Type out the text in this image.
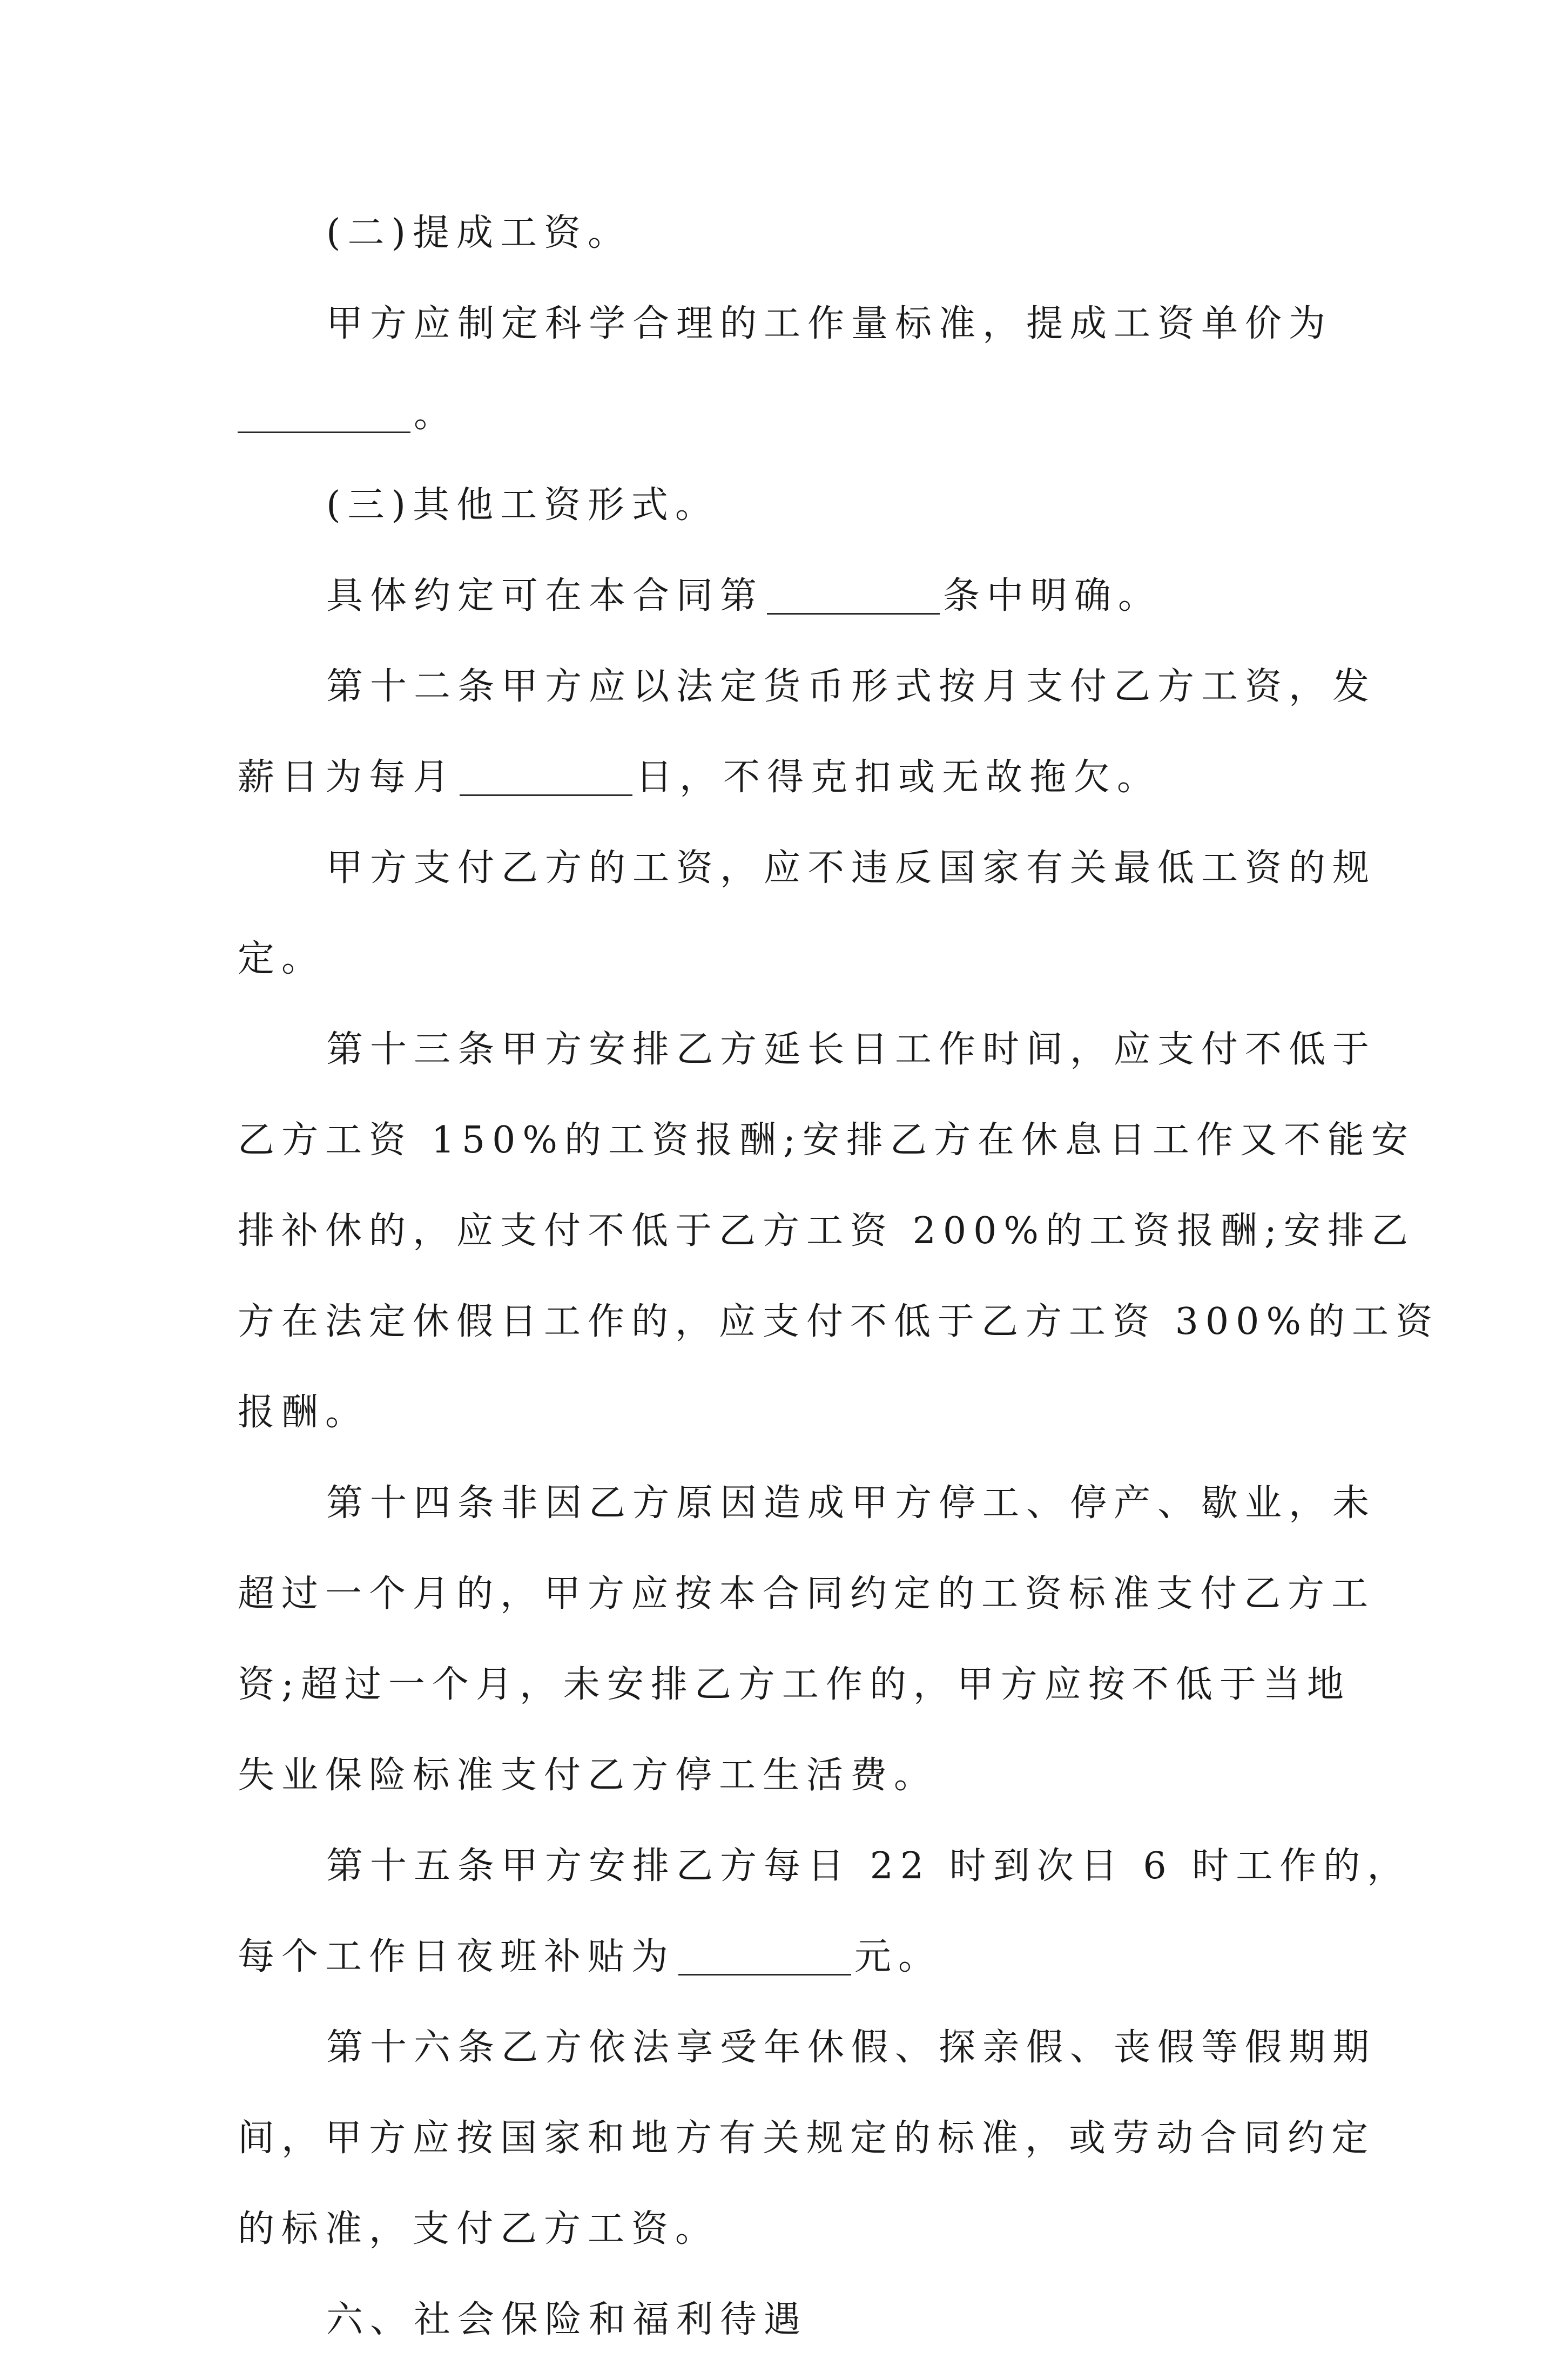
(二)提成工资。
甲方应制定科学合理的工作量标准，提成工资单价为
。
(三)其他工资形式。
具体约定可在本合同第	条中明确。
第十二条甲方应以法定货币形式按月支付乙方工资，发
薪日为每月	日，不得克扣或无故拖欠。
甲方支付乙方的工资，应不违反国家有关最低工资的规
定。
第十三条甲方安排乙方延长日工作时间，应支付不低于
乙方工资 150%的工资报酬;安排乙方在休息日工作又不能安
排补休的，应支付不低于乙方工资 200%的工资报酬;安排乙
方在法定休假日工作的，应支付不低于乙方工资 300%的工资
报酬。
第十四条非因乙方原因造成甲方停工、停产、歇业，未
超过一个月的，甲方应按本合同约定的工资标准支付乙方工
资;超过一个月，未安排乙方工作的，甲方应按不低于当地
失业保险标准支付乙方停工生活费。
第十五条甲方安排乙方每日 22 时到次日 6 时工作的，
每个工作日夜班补贴为	元。
第十六条乙方依法享受年休假、探亲假、丧假等假期期
间，甲方应按国家和地方有关规定的标准，或劳动合同约定
的标准，支付乙方工资。
六、社会保险和福利待遇
